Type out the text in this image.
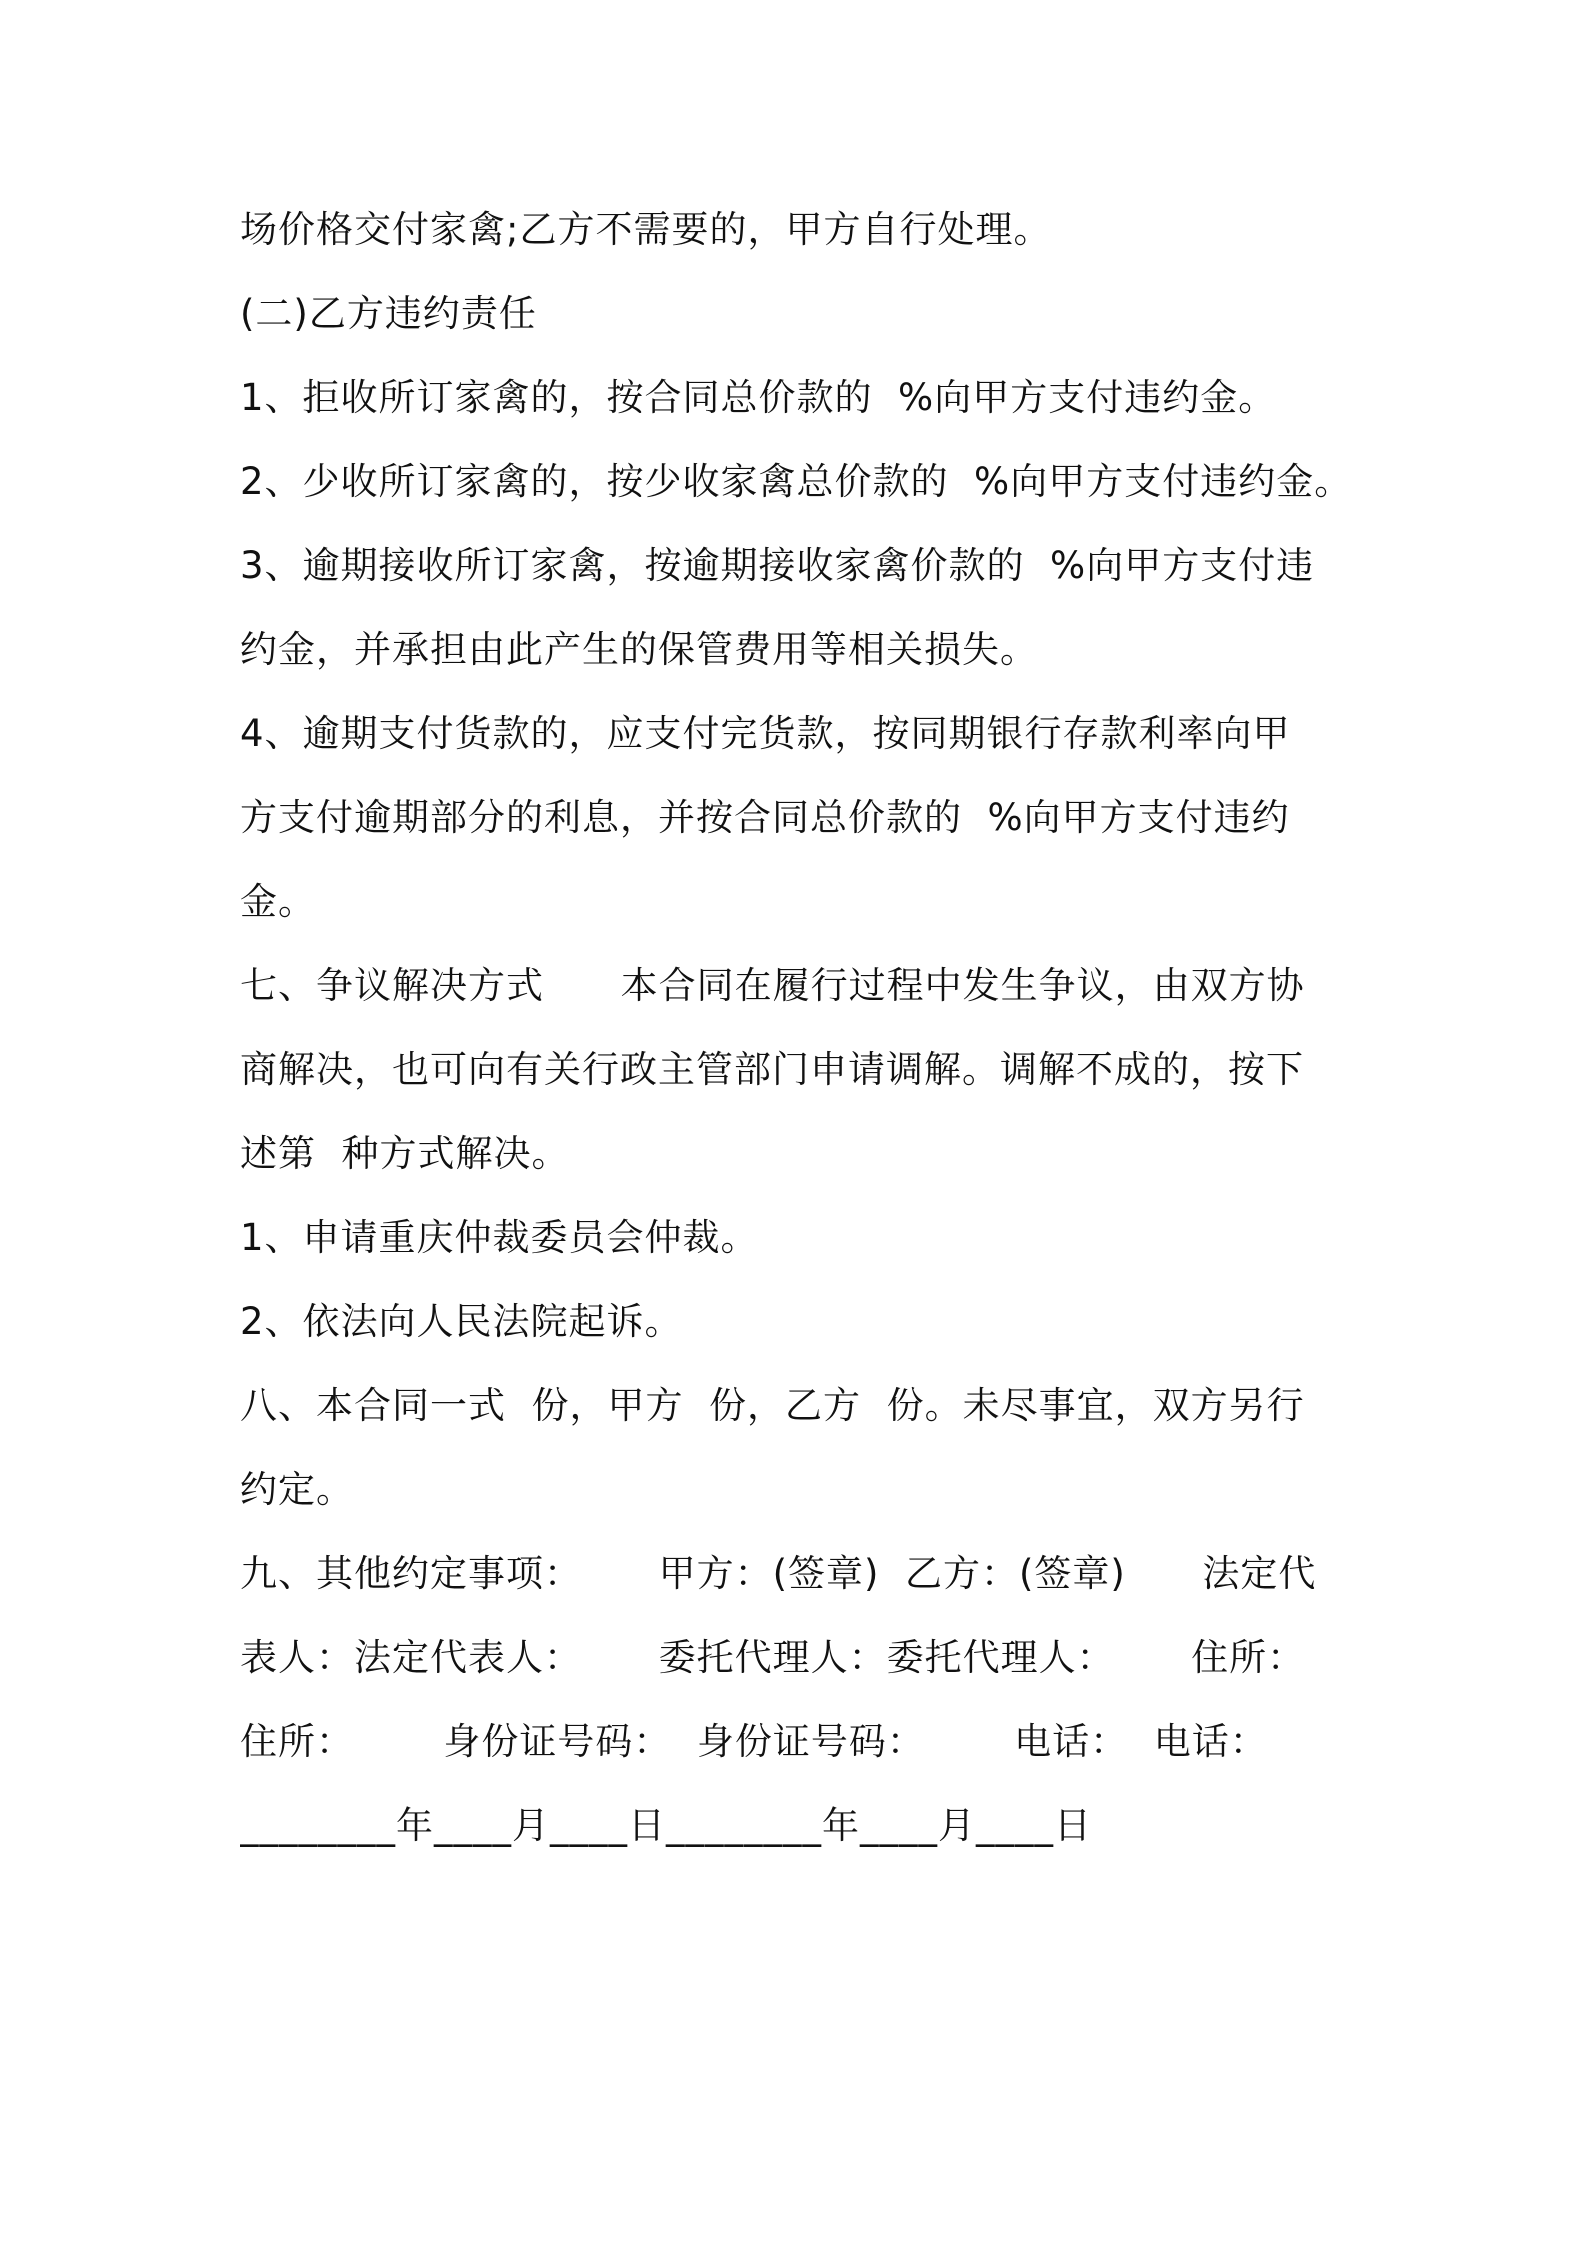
场价格交付家禽;乙方不需要的，甲方自行处理。
(二)乙方违约责任
1、拒收所订家禽的，按合同总价款的  %向甲方支付违约金。
2、少收所订家禽的，按少收家禽总价款的  %向甲方支付违约金。
3、逾期接收所订家禽，按逾期接收家禽价款的  %向甲方支付违
约金，并承担由此产生的保管费用等相关损失。
4、逾期支付货款的，应支付完货款，按同期银行存款利率向甲
方支付逾期部分的利息，并按合同总价款的  %向甲方支付违约
金。
七、争议解决方式      本合同在履行过程中发生争议，由双方协
商解决，也可向有关行政主管部门申请调解。调解不成的，按下
述第  种方式解决。
1、申请重庆仲裁委员会仲裁。
2、依法向人民法院起诉。
八、本合同一式  份，甲方  份，乙方  份。未尽事宜，双方另行
约定。
九、其他约定事项：      甲方：(签章)  乙方：(签章)      法定代
表人：法定代表人：      委托代理人：委托代理人：      住所：
住所：       身份证号码：  身份证号码：       电话：  电话：
________年____月____日________年____月____日
